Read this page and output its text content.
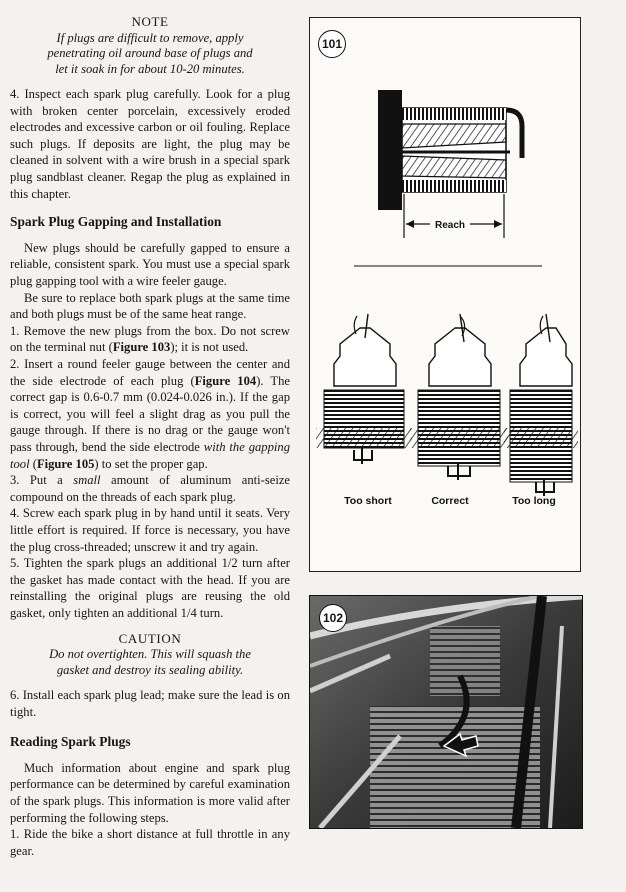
NOTE
If plugs are difficult to remove, apply
penetrating oil around base of plugs and
let it soak in for about 10-20 minutes.

4. Inspect each spark plug carefully. Look for a plug with broken center porcelain, excessively eroded electrodes and excessive carbon or oil fouling. Replace such plugs. If deposits are light, the plug may be cleaned in solvent with a wire brush in a special spark plug sandblast cleaner. Regap the plug as explained in this chapter.

Spark Plug Gapping and Installation

New plugs should be carefully gapped to ensure a reliable, consistent spark. You must use a special spark plug gapping tool with a wire feeler gauge.

Be sure to replace both spark plugs at the same time and both plugs must be of the same heat range.

1. Remove the new plugs from the box. Do not screw on the terminal nut (Figure 103); it is not used.

2. Insert a round feeler gauge between the center and the side electrode of each plug (Figure 104). The correct gap is 0.6-0.7 mm (0.024-0.026 in.). If the gap is correct, you will feel a slight drag as you pull the gauge through. If there is no drag or the gauge won't pass through, bend the side electrode with the gapping tool (Figure 105) to set the proper gap.

3. Put a small amount of aluminum anti-seize compound on the threads of each spark plug.

4. Screw each spark plug in by hand until it seats. Very little effort is required. If force is necessary, you have the plug cross-threaded; unscrew it and try again.

5. Tighten the spark plugs an additional 1/2 turn after the gasket has made contact with the head. If you are reinstalling the original plugs are reusing the old gasket, only tighten an additional 1/4 turn.

CAUTION
Do not overtighten. This will squash the
gasket and destroy its sealing ability.

6. Install each spark plug lead; make sure the lead is on tight.

Reading Spark Plugs

Much information about engine and spark plug performance can be determined by careful examination of the spark plugs. This information is more valid after performing the following steps.

1. Ride the bike a short distance at full throttle in any gear.

101
Reach
Too short	Correct	Too long
102
